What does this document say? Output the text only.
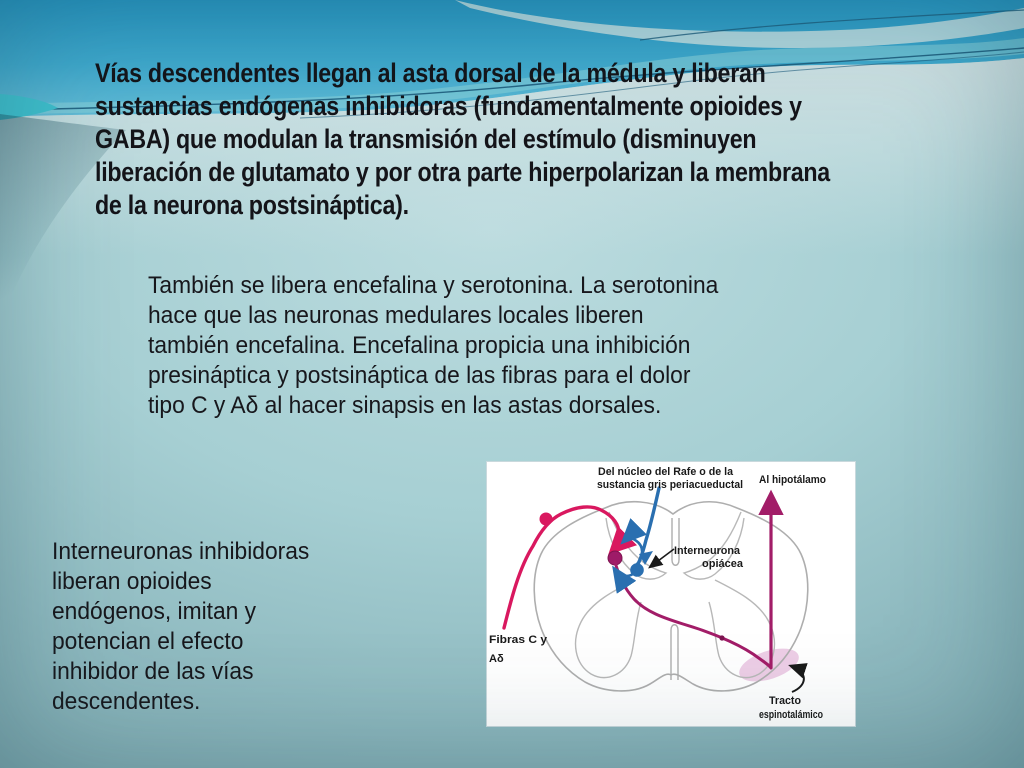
Vías descendentes llegan al asta dorsal de la médula y liberan
sustancias endógenas inhibidoras (fundamentalmente opioides y
GABA) que modulan la transmisión del estímulo (disminuyen
liberación de glutamato y por otra parte hiperpolarizan la membrana
de la neurona postsináptica).
También se libera encefalina y serotonina. La serotonina
hace que las neuronas medulares locales liberen
también encefalina. Encefalina propicia una inhibición
presináptica y postsináptica de las fibras para el dolor
tipo C y Aδ al hacer sinapsis en las astas dorsales.
Interneuronas inhibidoras
liberan opioides
endógenos, imitan y
potencian el efecto
inhibidor de las vías
descendentes.
Del núcleo del Rafe o de la
sustancia gris periacueductal Al hipotálamo
Interneurona
opiácea
Fibras C y
Aδ
Tracto
espinotalámico
